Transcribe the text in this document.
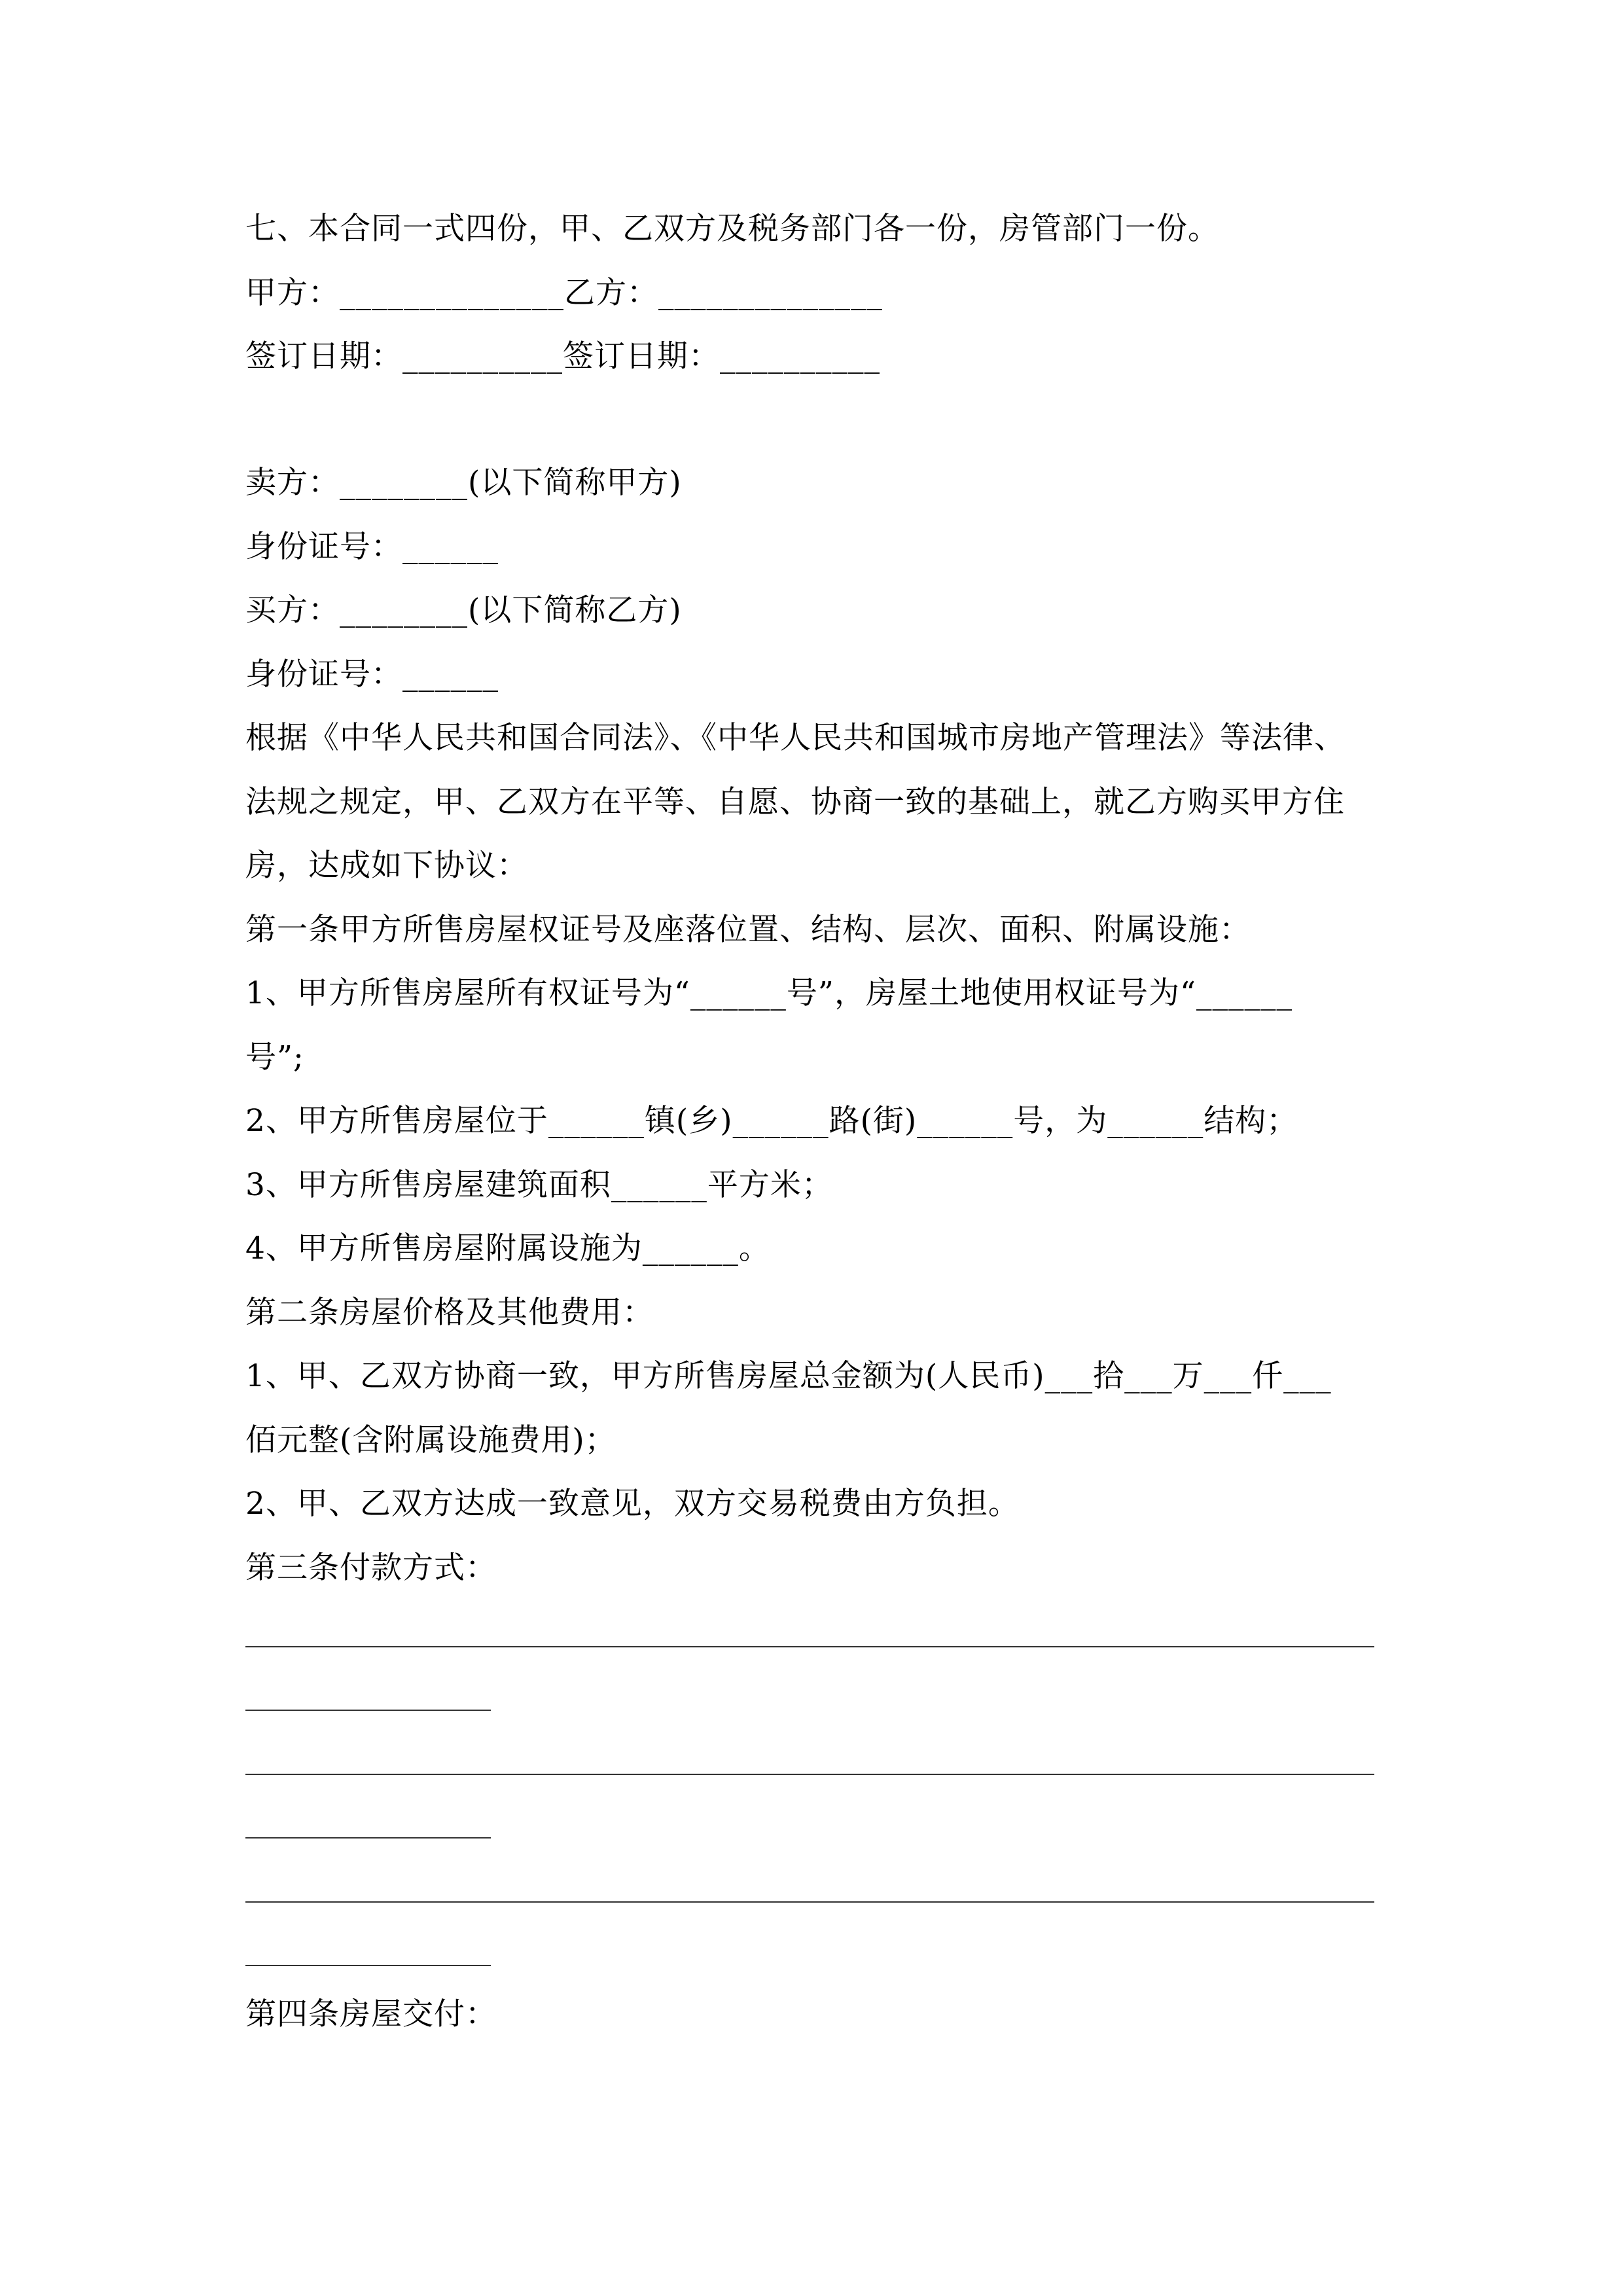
七、本合同一式四份，甲、乙双方及税务部门各一份，房管部门一份。
甲方：______________乙方：______________
签订日期：__________签订日期：__________
卖方：________(以下简称甲方)
身份证号：______
买方：________(以下简称乙方)
身份证号：______
根据《中华人民共和国合同法》、《中华人民共和国城市房地产管理法》等法律、
法规之规定，甲、乙双方在平等、自愿、协商一致的基础上，就乙方购买甲方住
房，达成如下协议：
第一条甲方所售房屋权证号及座落位置、结构、层次、面积、附属设施：
1、甲方所售房屋所有权证号为“______号”，房屋土地使用权证号为“______
号”;
2、甲方所售房屋位于______镇(乡)______路(街)______号，为______结构；
3、甲方所售房屋建筑面积______平方米；
4、甲方所售房屋附属设施为______。
第二条房屋价格及其他费用：
1、甲、乙双方协商一致，甲方所售房屋总金额为(人民币)___拾___万___仟___
佰元整(含附属设施费用)；
2、甲、乙双方达成一致意见，双方交易税费由方负担。
第三条付款方式：
第四条房屋交付：
